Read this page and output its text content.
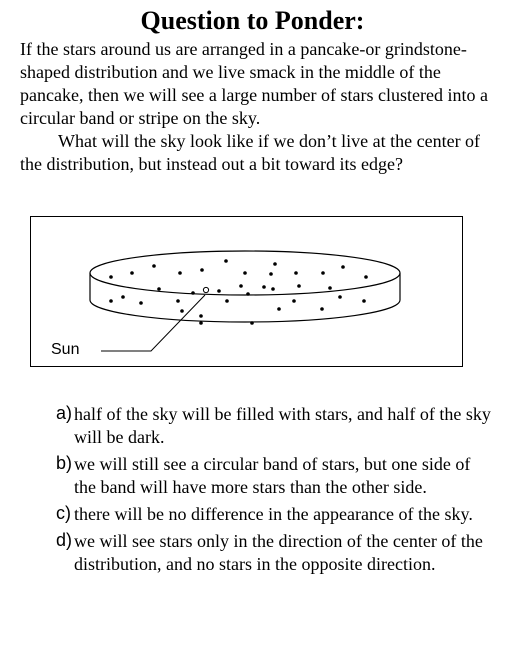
Question to Ponder:

If the stars around us are arranged in a pancake-or grindstone-shaped distribution and we live smack in the middle of the pancake, then we will see a large number of stars clustered into a circular band or stripe on the sky.

What will the sky look like if we don’t live at the center of the distribution, but instead out a bit toward its edge?

Sun
a) half of the sky will be filled with stars, and half of the sky will be dark.
b) we will still see a circular band of stars, but one side of the band will have more stars than the other side.
c) there will be no difference in the appearance of the sky.
d) we will see stars only in the direction of the center of the distribution, and no stars in the opposite direction.
